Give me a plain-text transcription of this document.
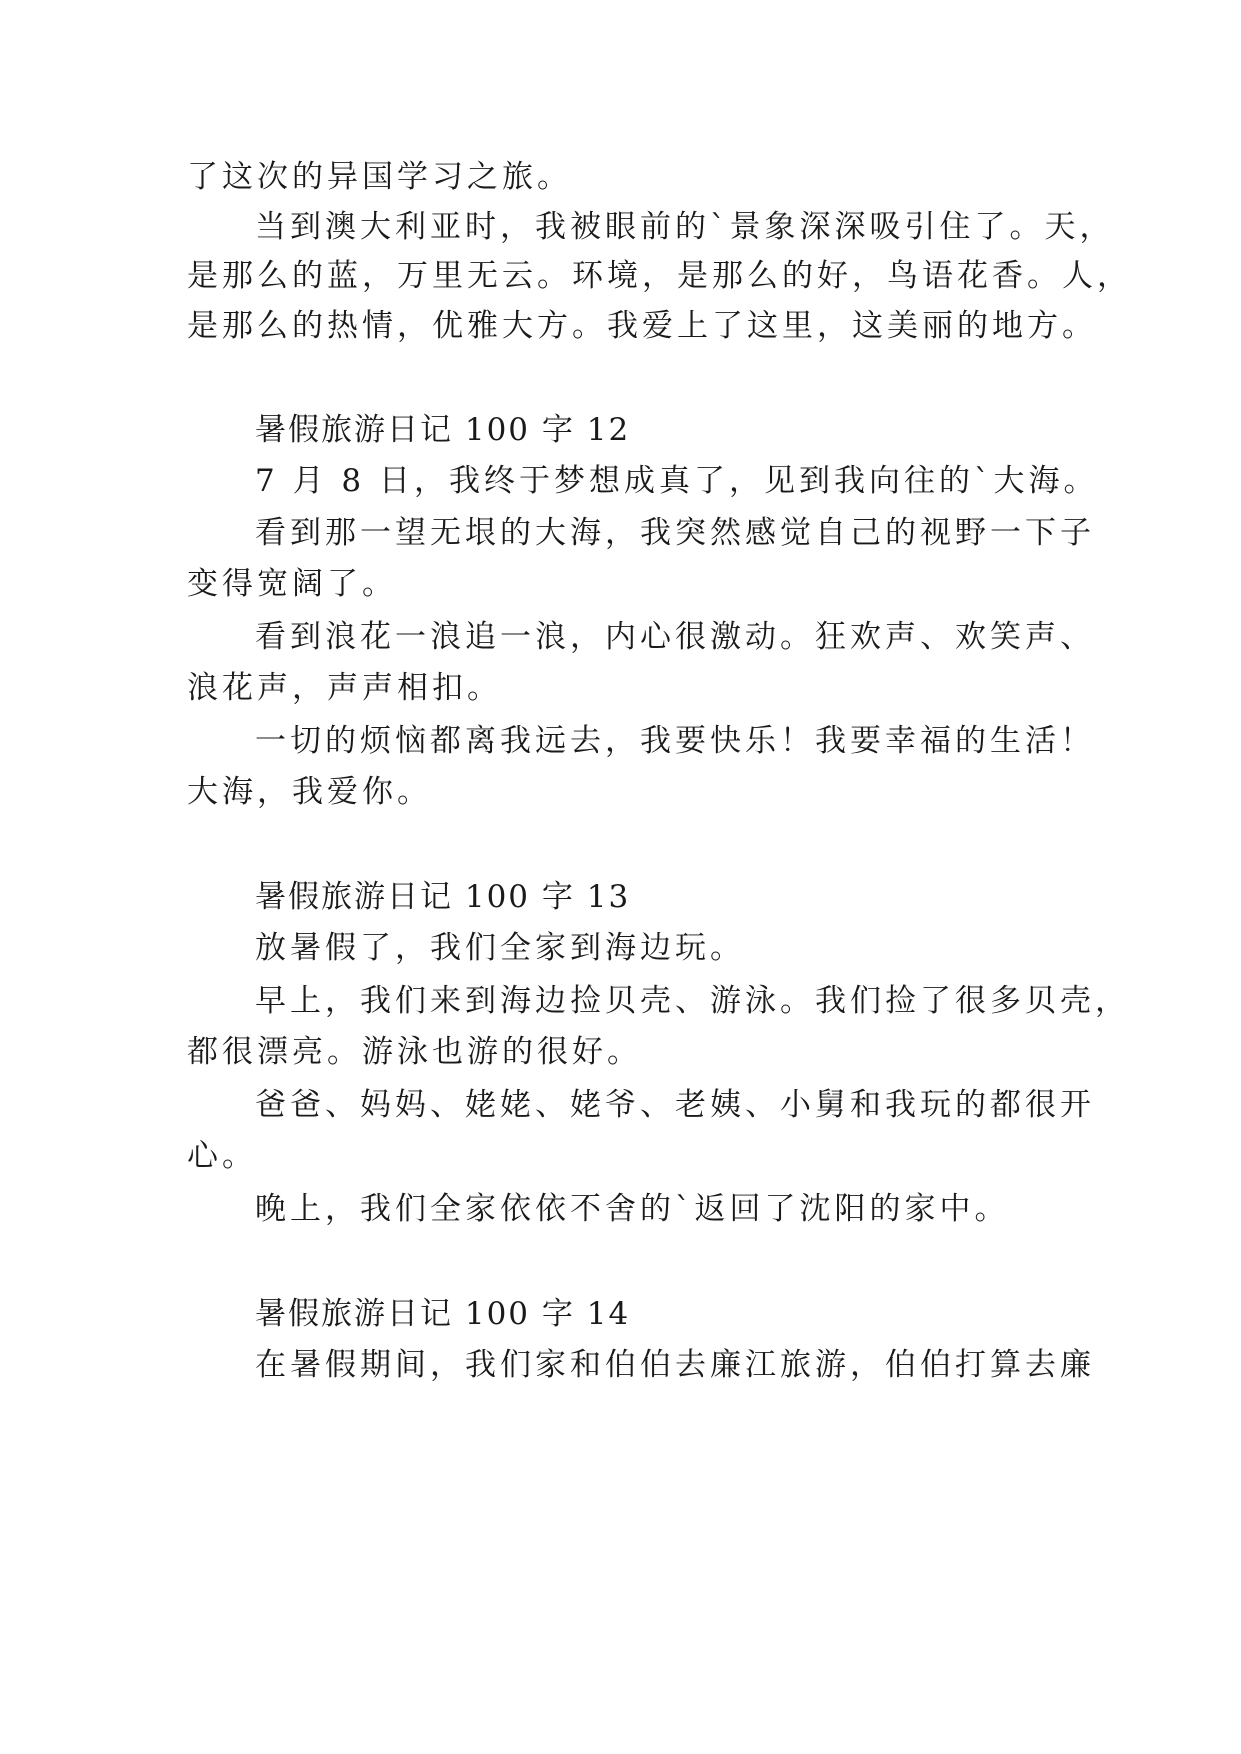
了这次的异国学习之旅。
当到澳大利亚时，我被眼前的`景象深深吸引住了。天，
是那么的蓝，万里无云。环境，是那么的好，鸟语花香。人，
是那么的热情，优雅大方。我爱上了这里，这美丽的地方。
暑假旅游日记 100 字 12
7 月 8 日，我终于梦想成真了，见到我向往的`大海。
看到那一望无垠的大海，我突然感觉自己的视野一下子
变得宽阔了。
看到浪花一浪追一浪，内心很激动。狂欢声、欢笑声、
浪花声，声声相扣。
一切的烦恼都离我远去，我要快乐！我要幸福的生活！
大海，我爱你。
暑假旅游日记 100 字 13
放暑假了，我们全家到海边玩。
早上，我们来到海边捡贝壳、游泳。我们捡了很多贝壳，
都很漂亮。游泳也游的很好。
爸爸、妈妈、姥姥、姥爷、老姨、小舅和我玩的都很开
心。
晚上，我们全家依依不舍的`返回了沈阳的家中。
暑假旅游日记 100 字 14
在暑假期间，我们家和伯伯去廉江旅游，伯伯打算去廉
